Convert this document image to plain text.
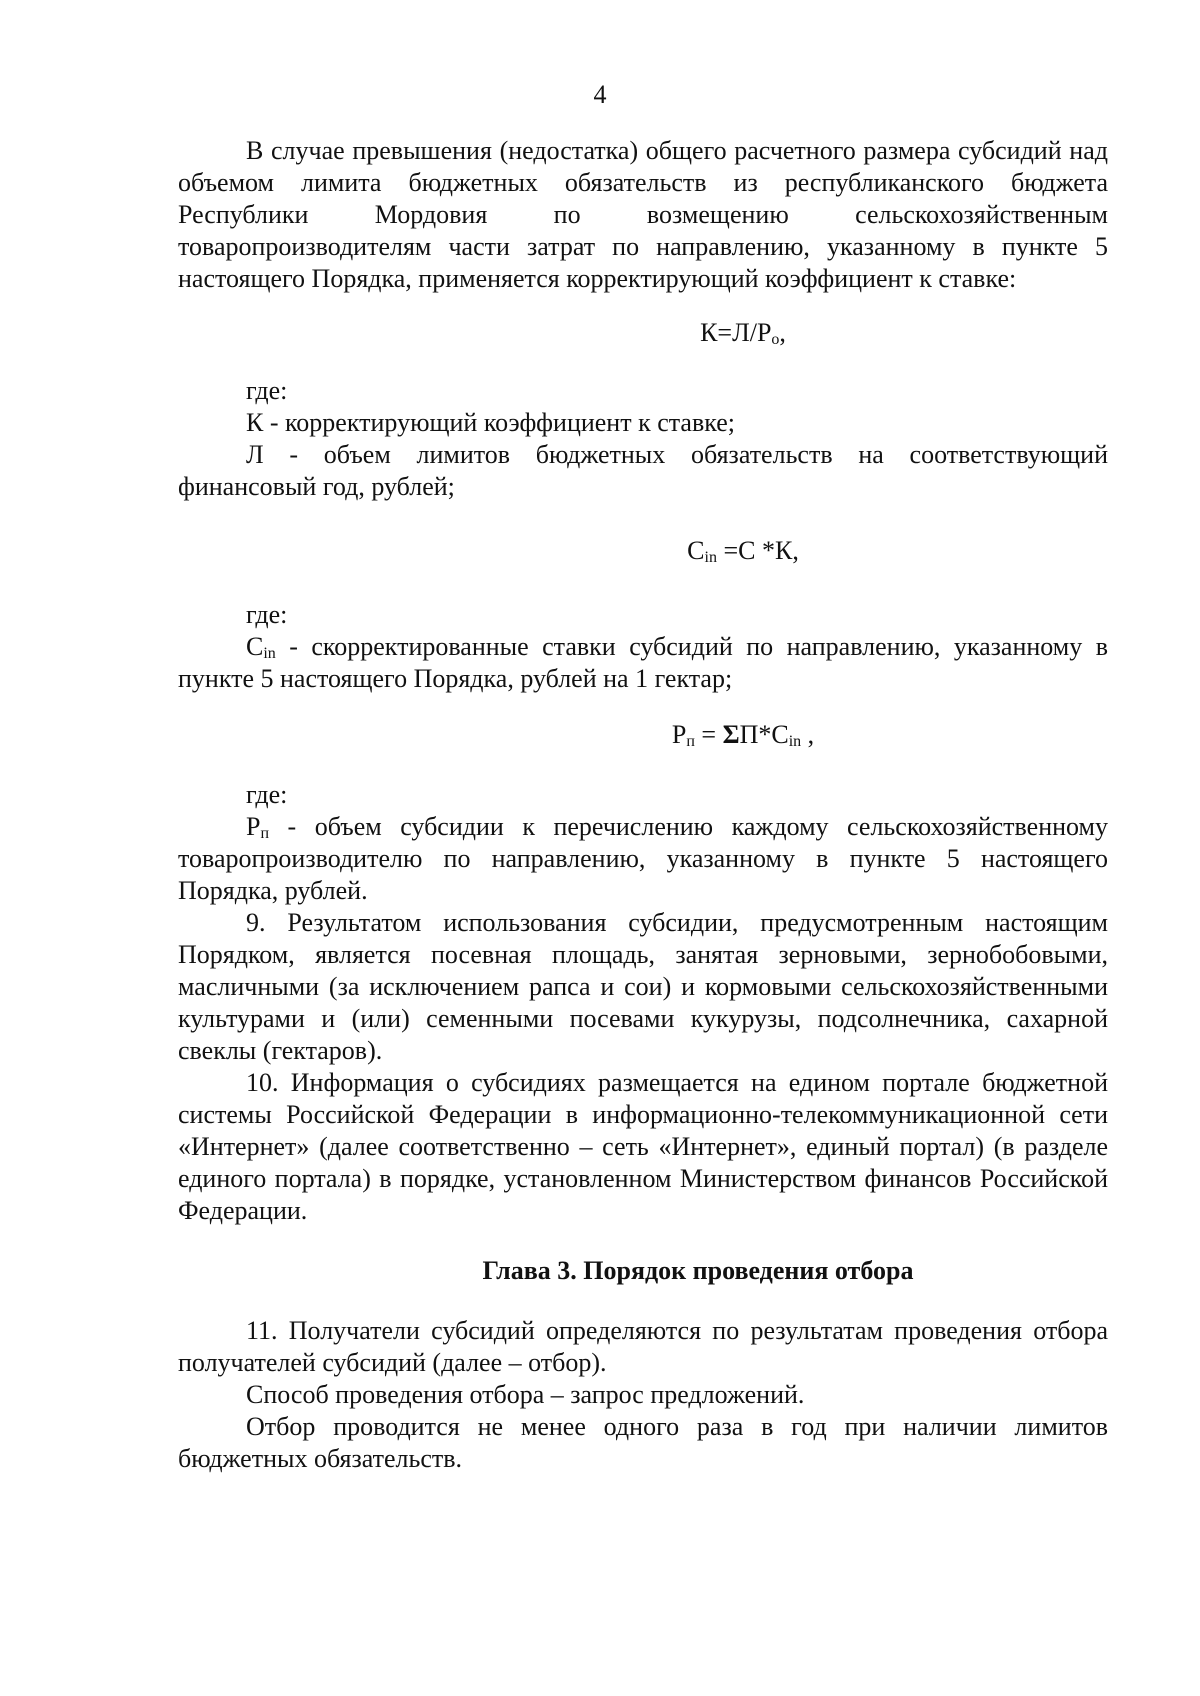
4

В случае превышения (недостатка) общего расчетного размера субсидий над объемом лимита бюджетных обязательств из республиканского бюджета Республики Мордовия по возмещению сельскохозяйственным товаропроизводителям части затрат по направлению, указанному в пункте 5 настоящего Порядка, применяется корректирующий коэффициент к ставке:

$К=Л/Р_о$,

где:

К - корректирующий коэффициент к ставке;

Л - объем лимитов бюджетных обязательств на соответствующий финансовый год, рублей;

$С_{in} =С$ *К,

где:

$С_{in}$ - скорректированные ставки субсидий по направлению, указанному в пункте 5 настоящего Порядка, рублей на 1 гектар;

$Р_п = \Sigma П*С_{in}$ ,

где:

$Р_п$ - объем субсидии к перечислению каждому сельскохозяйственному товаропроизводителю по направлению, указанному в пункте 5 настоящего Порядка, рублей.

9. Результатом использования субсидии, предусмотренным настоящим Порядком, является посевная площадь, занятая зерновыми, зернобобовыми, масличными (за исключением рапса и сои) и кормовыми сельскохозяйственными культурами и (или) семенными посевами кукурузы, подсолнечника, сахарной свеклы (гектаров).

10. Информация о субсидиях размещается на едином портале бюджетной системы Российской Федерации в информационно-телекоммуникационной сети «Интернет» (далее соответственно – сеть «Интернет», единый портал) (в разделе единого портала) в порядке, установленном Министерством финансов Российской Федерации.

Глава 3. Порядок проведения отбора

11. Получатели субсидий определяются по результатам проведения отбора получателей субсидий (далее – отбор).

Способ проведения отбора – запрос предложений.

Отбор проводится не менее одного раза в год при наличии лимитов бюджетных обязательств.
